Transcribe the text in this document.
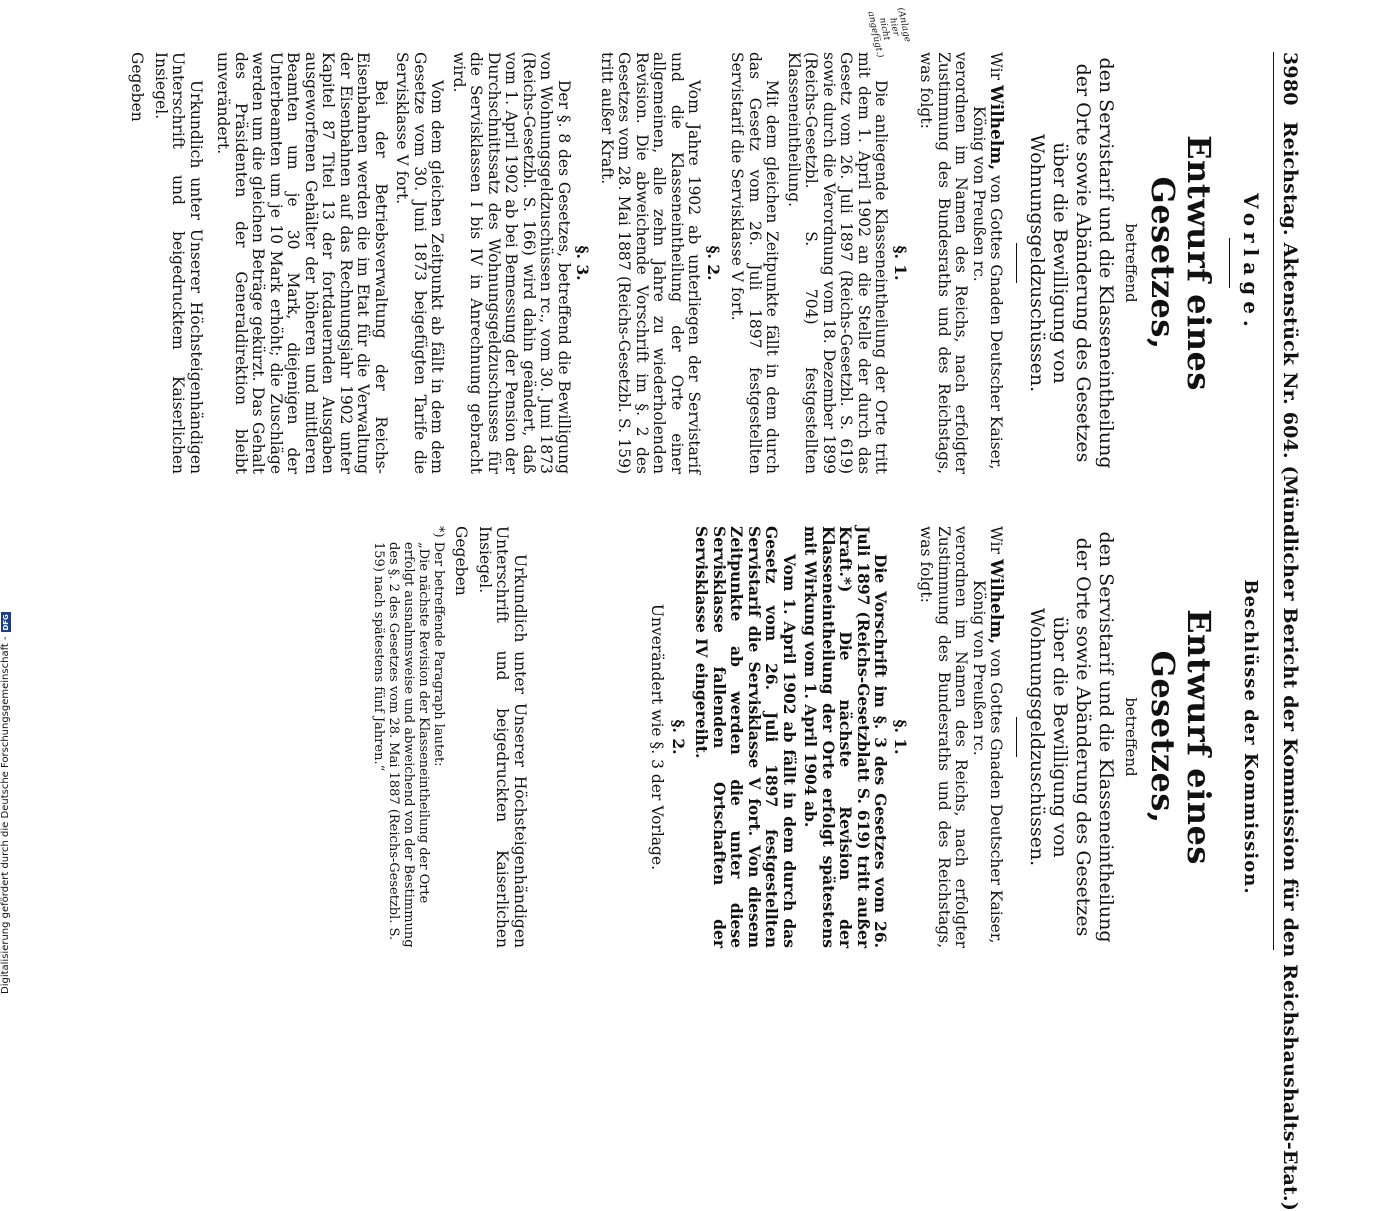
3980
Reichstag. Aktenstück Nr. 604. (Mündlicher Bericht der Kommission für den Reichshaushalts-Etat.)
Vorlage.
Entwurf eines Gesetzes,
betreffend
den Servistarif und die Klasseneintheilung der Orte sowie Abänderung des Gesetzes über die Bewilligung von Wohnungsgeldzuschüssen.
Wir Wilhelm, von Gottes Gnaden Deutscher Kaiser,
König von Preußen rc.
verordnen im Namen des Reichs, nach erfolgter Zustimmung des Bundesraths und des Reichstags, was folgt:
(Anlage hier nicht angefügt.)
§. 1.

Die anliegende Klasseneintheilung der Orte tritt mit dem 1. April 1902 an die Stelle der durch das Gesetz vom 26. Juli 1897 (Reichs-Gesetzbl. S. 619) sowie durch die Verordnung vom 18. Dezember 1899 (Reichs-Gesetzbl. S. 704) festgestellten Klasseneintheilung.

Mit dem gleichen Zeitpunkte fällt in dem durch das Gesetz vom 26. Juli 1897 festgestellten Servistarif die Servisklasse V fort.

§. 2.

Vom Jahre 1902 ab unterliegen der Servistarif und die Klasseneintheilung der Orte einer allgemeinen, alle zehn Jahre zu wiederholenden Revision. Die abweichende Vorschrift im §. 2 des Gesetzes vom 28. Mai 1887 (Reichs-Gesetzbl. S. 159) tritt außer Kraft.

§. 3.

Der §. 8 des Gesetzes, betreffend die Bewilligung von Wohnungsgeldzuschüssen rc., vom 30. Juni 1873 (Reichs-Gesetzbl. S. 166) wird dahin geändert, daß vom 1. April 1902 ab bei Bemessung der Pension der Durchschnittssatz des Wohnungsgeldzuschusses für die Servisklassen I bis IV in Anrechnung gebracht wird.

Vom dem gleichen Zeitpunkt ab fällt in dem dem Gesetze vom 30. Juni 1873 beigefügten Tarife die Servisklasse V fort.

Bei der Betriebsverwaltung der Reichs-Eisenbahnen werden die im Etat für die Verwaltung der Eisenbahnen auf das Rechnungsjahr 1902 unter Kapitel 87 Titel 13 der fortdauernden Ausgaben ausgeworfenen Gehälter der höheren und mittleren Beamten um je 30 Mark, diejenigen der Unterbeamten um je 10 Mark erhöht; die Zuschläge werden um die gleichen Beträge gekürzt. Das Gehalt des Präsidenten der Generaldirektion bleibt unverändert.

Urkundlich unter Unserer Höchsteigenhändigen Unterschrift und beigedrucktem Kaiserlichen Insiegel.

Gegeben
Beschlüsse der Kommission.
Entwurf eines Gesetzes,
betreffend
den Servistarif und die Klasseneintheilung der Orte sowie Abänderung des Gesetzes über die Bewilligung von Wohnungsgeldzuschüssen.
Wir Wilhelm, von Gottes Gnaden Deutscher Kaiser,
König von Preußen rc.
verordnen im Namen des Reichs, nach erfolgter Zustimmung des Bundesraths und des Reichstags, was folgt:
§. 1.

Die Vorschrift im §. 3 des Gesetzes vom 26. Juli 1897 (Reichs-Gesetzblatt S. 619) tritt außer Kraft.*) Die nächste Revision der Klasseneintheilung der Orte erfolgt spätestens mit Wirkung vom 1. April 1904 ab.

Vom 1. April 1902 ab fällt in dem durch das Gesetz vom 26. Juli 1897 festgestellten Servistarif die Servisklasse V fort. Von diesem Zeitpunkte ab werden die unter diese Servisklasse fallenden Ortschaften der Servisklasse IV eingereiht.

§. 2.
Unverändert wie §. 3 der Vorlage.

Urkundlich unter Unserer Höchsteigenhändigen Unterschrift und beigedruckten Kaiserlichen Insiegel.

Gegeben
*) Der betreffende Paragraph lautet:
„Die nächste Revision der Klasseneintheilung der Orte erfolgt ausnahmsweise und abweichend von der Bestimmung des §. 2 des Gesetzes vom 28. Mai 1887 (Reichs-Gesetzbl. S. 159) nach spätestens fünf Jahren.“
Digitalisierung gefördert durch die Deutsche Forschungsgemeinschaft -
DFG
